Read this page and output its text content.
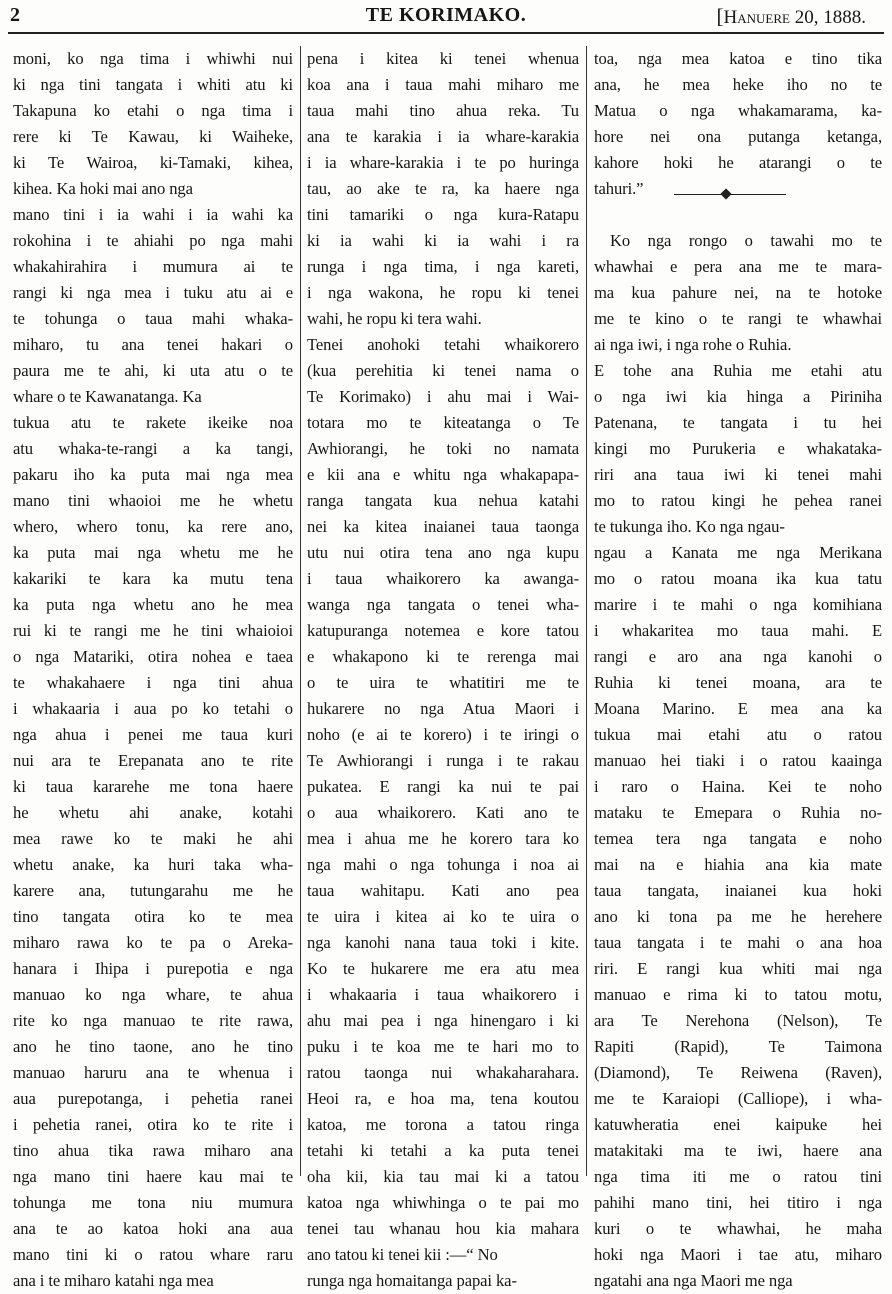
2	TE KORIMAKO.	[Hanuere 20, 1888.
moni, ko nga tima i whiwhi nui
ki nga tini tangata i whiti atu ki
Takapuna ko etahi o nga tima i
rere ki Te Kawau, ki Waiheke,
ki Te Wairoa, ki-Tamaki, kihea,
kihea. Ka hoki mai ano nga
mano tini i ia wahi i ia wahi ka
rokohina i te ahiahi po nga mahi
whakahirahira i mumura ai te
rangi ki nga mea i tuku atu ai e
te tohunga o taua mahi whaka-
miharo, tu ana tenei hakari o
paura me te ahi, ki uta atu o te
whare o te Kawanatanga. Ka
tukua atu te rakete ikeike noa
atu whaka-te-rangi a ka tangi,
pakaru iho ka puta mai nga mea
mano tini whaoioi me he whetu
whero, whero tonu, ka rere ano,
ka puta mai nga whetu me he
kakariki te kara ka mutu tena
ka puta nga whetu ano he mea
rui ki te rangi me he tini whaioioi
o nga Matariki, otira nohea e taea
te whakahaere i nga tini ahua
i whakaaria i aua po ko tetahi o
nga ahua i penei me taua kuri
nui ara te Erepanata ano te rite
ki taua kararehe me tona haere
he whetu ahi anake, kotahi
mea rawe ko te maki he ahi
whetu anake, ka huri taka wha-
karere ana, tutungarahu me he
tino tangata otira ko te mea
miharo rawa ko te pa o Areka-
hanara i Ihipa i purepotia e nga
manuao ko nga whare, te ahua
rite ko nga manuao te rite rawa,
ano he tino taone, ano he tino
manuao haruru ana te whenua i
aua purepotanga, i pehetia ranei
i pehetia ranei, otira ko te rite i
tino ahua tika rawa miharo ana
nga mano tini haere kau mai te
tohunga me tona niu mumura
ana te ao katoa hoki ana aua
mano tini ki o ratou whare raru
ana i te miharo katahi nga mea
pena i kitea ki tenei whenua
koa ana i taua mahi miharo me
taua mahi tino ahua reka. Tu
ana te karakia i ia whare-karakia
i ia whare-karakia i te po huringa
tau, ao ake te ra, ka haere nga
tini tamariki o nga kura-Ratapu
ki ia wahi ki ia wahi i ra
runga i nga tima, i nga kareti,
i nga wakona, he ropu ki tenei
wahi, he ropu ki tera wahi.
Tenei anohoki tetahi whaikorero
(kua perehitia ki tenei nama o
Te Korimako) i ahu mai i Wai-
totara mo te kiteatanga o Te
Awhiorangi, he toki no namata
e kii ana e whitu nga whakapapa-
ranga tangata kua nehua katahi
nei ka kitea inaianei taua taonga
utu nui otira tena ano nga kupu
i taua whaikorero ka awanga-
wanga nga tangata o tenei wha-
katupuranga notemea e kore tatou
e whakapono ki te rerenga mai
o te uira te whatitiri me te
hukarere no nga Atua Maori i
noho (e ai te korero) i te iringi o
Te Awhiorangi i runga i te rakau
pukatea. E rangi ka nui te pai
o aua whaikorero. Kati ano te
mea i ahua me he korero tara ko
nga mahi o nga tohunga i noa ai
taua wahitapu. Kati ano pea
te uira i kitea ai ko te uira o
nga kanohi nana taua toki i kite.
Ko te hukarere me era atu mea
i whakaaria i taua whaikorero i
ahu mai pea i nga hinengaro i ki
puku i te koa me te hari mo to
ratou taonga nui whakaharahara.
Heoi ra, e hoa ma, tena koutou
katoa, me torona a tatou ringa
tetahi ki tetahi a ka puta tenei
oha kii, kia tau mai ki a tatou
katoa nga whiwhinga o te pai mo
tenei tau whanau hou kia mahara
ano tatou ki tenei kii :—“ No
runga nga homaitanga papai ka-
toa, nga mea katoa e tino tika
ana, he mea heke iho no te
Matua o nga whakamarama, ka-
hore nei ona putanga ketanga,
kahore hoki he atarangi o te
tahuri.”
Ko nga rongo o tawahi mo te
whawhai e pera ana me te mara-
ma kua pahure nei, na te hotoke
me te kino o te rangi te whawhai
ai nga iwi, i nga rohe o Ruhia.
E tohe ana Ruhia me etahi atu
o nga iwi kia hinga a Piriniha
Patenana, te tangata i tu hei
kingi mo Purukeria e whakataka-
riri ana taua iwi ki tenei mahi
mo to ratou kingi he pehea ranei
te tukunga iho. Ko nga ngau-
ngau a Kanata me nga Merikana
mo o ratou moana ika kua tatu
marire i te mahi o nga komihiana
i whakaritea mo taua mahi. E
rangi e aro ana nga kanohi o
Ruhia ki tenei moana, ara te
Moana Marino. E mea ana ka
tukua mai etahi atu o ratou
manuao hei tiaki i o ratou kaainga
i raro o Haina. Kei te noho
mataku te Emepara o Ruhia no-
temea tera nga tangata e noho
mai na e hiahia ana kia mate
taua tangata, inaianei kua hoki
ano ki tona pa me he herehere
taua tangata i te mahi o ana hoa
riri. E rangi kua whiti mai nga
manuao e rima ki to tatou motu,
ara Te Nerehona (Nelson), Te
Rapiti (Rapid), Te Taimona
(Diamond), Te Reiwena (Raven),
me te Karaiopi (Calliope), i wha-
katuwheratia enei kaipuke hei
matakitaki ma te iwi, haere ana
nga tima iti me o ratou tini
pahihi mano tini, hei titiro i nga
kuri o te whawhai, he maha
hoki nga Maori i tae atu, miharo
ngatahi ana nga Maori me nga
